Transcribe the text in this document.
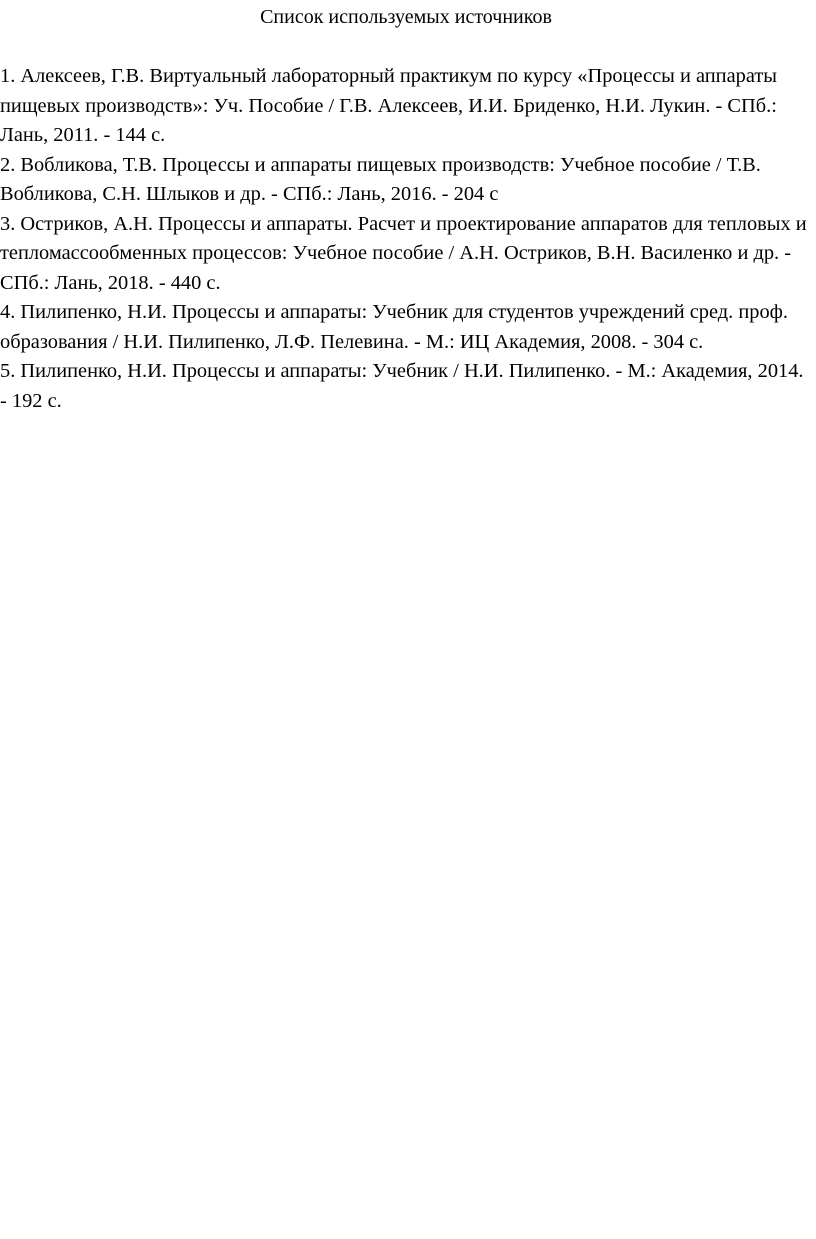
Список используемых источников
1. Алексеев, Г.В. Виртуальный лабораторный практикум по курсу «Процессы и аппараты пищевых производств»: Уч. Пособие / Г.В. Алексеев, И.И. Бриденко, Н.И. Лукин. - СПб.: Лань, 2011. - 144 с.
2. Вобликова, Т.В. Процессы и аппараты пищевых производств: Учебное пособие / Т.В. Вобликова, С.Н. Шлыков и др. - СПб.: Лань, 2016. - 204 с
3. Остриков, А.Н. Процессы и аппараты. Расчет и проектирование аппаратов для тепловых и тепломассообменных процессов: Учебное пособие / А.Н. Остриков, В.Н. Василенко и др. - СПб.: Лань, 2018. - 440 с.
4. Пилипенко, Н.И. Процессы и аппараты: Учебник для студентов учреждений сред. проф. образования / Н.И. Пилипенко, Л.Ф. Пелевина. - М.: ИЦ Академия, 2008. - 304 с.
5. Пилипенко, Н.И. Процессы и аппараты: Учебник / Н.И. Пилипенко. - М.: Академия, 2014. - 192 с.
